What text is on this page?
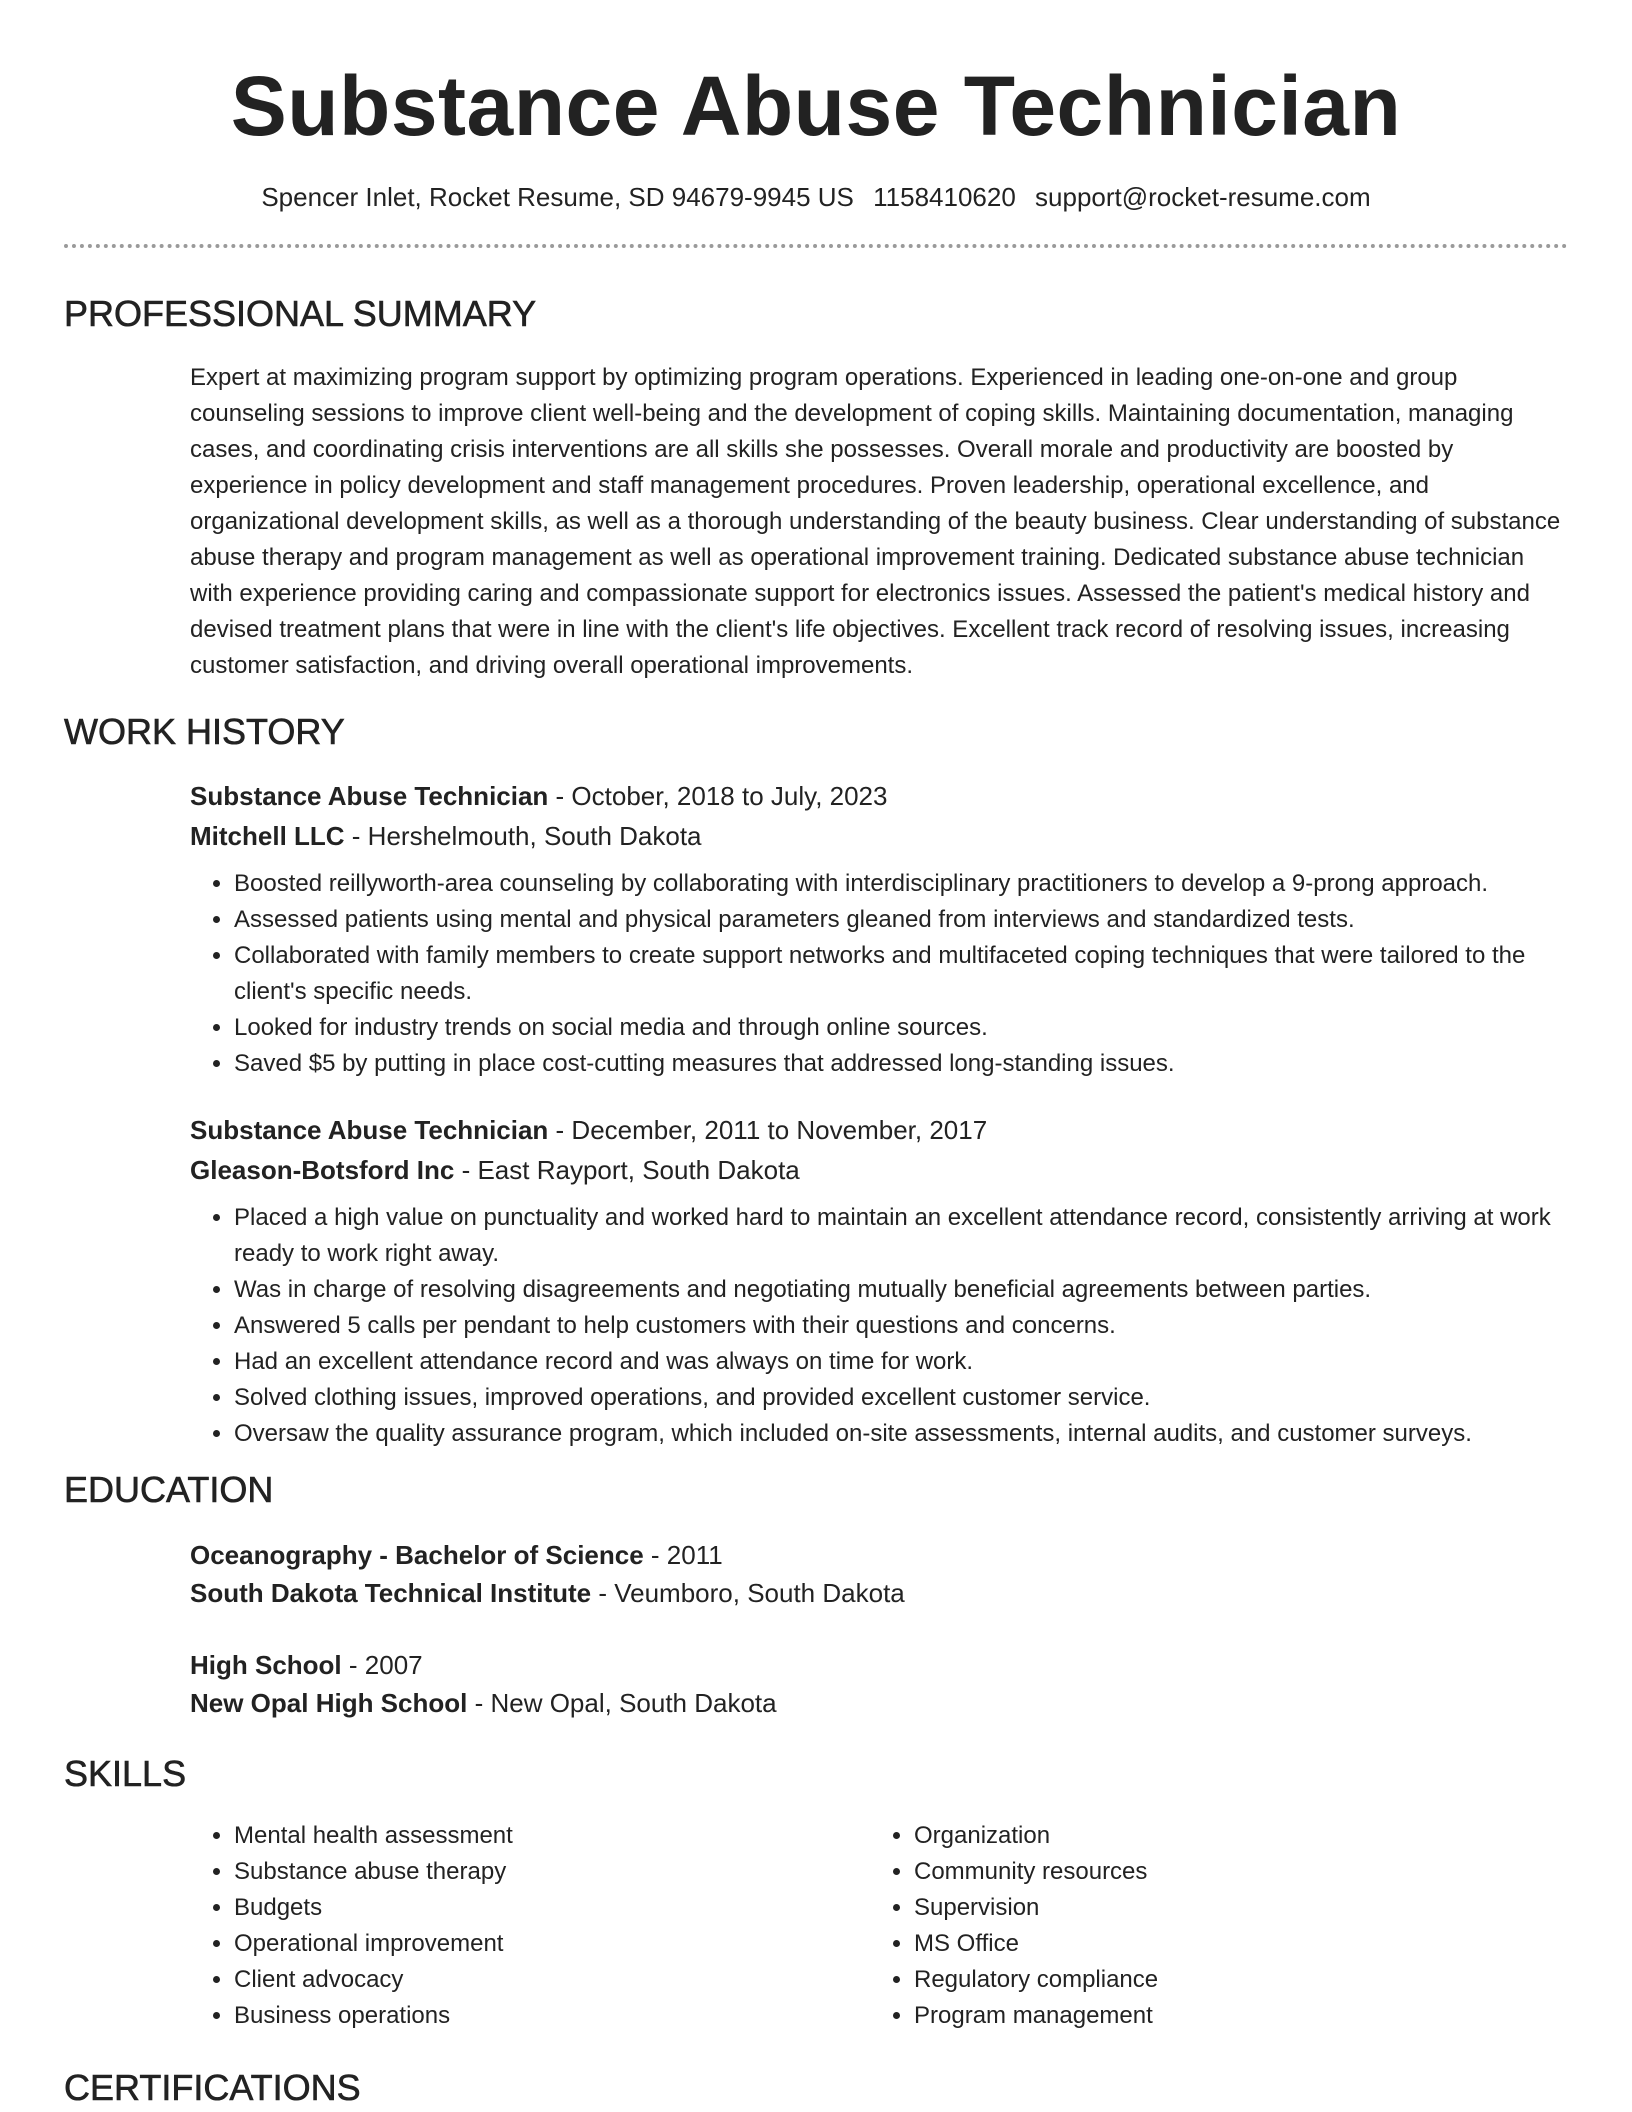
Substance Abuse Technician
Spencer Inlet, Rocket Resume, SD 94679-9945 US 1158410620 support@rocket-resume.com
PROFESSIONAL SUMMARY
Expert at maximizing program support by optimizing program operations. Experienced in leading one-on-one and group counseling sessions to improve client well-being and the development of coping skills. Maintaining documentation, managing cases, and coordinating crisis interventions are all skills she possesses. Overall morale and productivity are boosted by experience in policy development and staff management procedures. Proven leadership, operational excellence, and organizational development skills, as well as a thorough understanding of the beauty business. Clear understanding of substance abuse therapy and program management as well as operational improvement training. Dedicated substance abuse technician with experience providing caring and compassionate support for electronics issues. Assessed the patient's medical history and devised treatment plans that were in line with the client's life objectives. Excellent track record of resolving issues, increasing customer satisfaction, and driving overall operational improvements.
WORK HISTORY
Substance Abuse Technician - October, 2018 to July, 2023
Mitchell LLC - Hershelmouth, South Dakota
• Boosted reillyworth-area counseling by collaborating with interdisciplinary practitioners to develop a 9-prong approach.
• Assessed patients using mental and physical parameters gleaned from interviews and standardized tests.
• Collaborated with family members to create support networks and multifaceted coping techniques that were tailored to the client's specific needs.
• Looked for industry trends on social media and through online sources.
• Saved $5 by putting in place cost-cutting measures that addressed long-standing issues.
Substance Abuse Technician - December, 2011 to November, 2017
Gleason-Botsford Inc - East Rayport, South Dakota
• Placed a high value on punctuality and worked hard to maintain an excellent attendance record, consistently arriving at work ready to work right away.
• Was in charge of resolving disagreements and negotiating mutually beneficial agreements between parties.
• Answered 5 calls per pendant to help customers with their questions and concerns.
• Had an excellent attendance record and was always on time for work.
• Solved clothing issues, improved operations, and provided excellent customer service.
• Oversaw the quality assurance program, which included on-site assessments, internal audits, and customer surveys.
EDUCATION
Oceanography - Bachelor of Science - 2011
South Dakota Technical Institute - Veumboro, South Dakota
High School - 2007
New Opal High School - New Opal, South Dakota
SKILLS
• Mental health assessment
• Substance abuse therapy
• Budgets
• Operational improvement
• Client advocacy
• Business operations
• Organization
• Community resources
• Supervision
• MS Office
• Regulatory compliance
• Program management
CERTIFICATIONS
